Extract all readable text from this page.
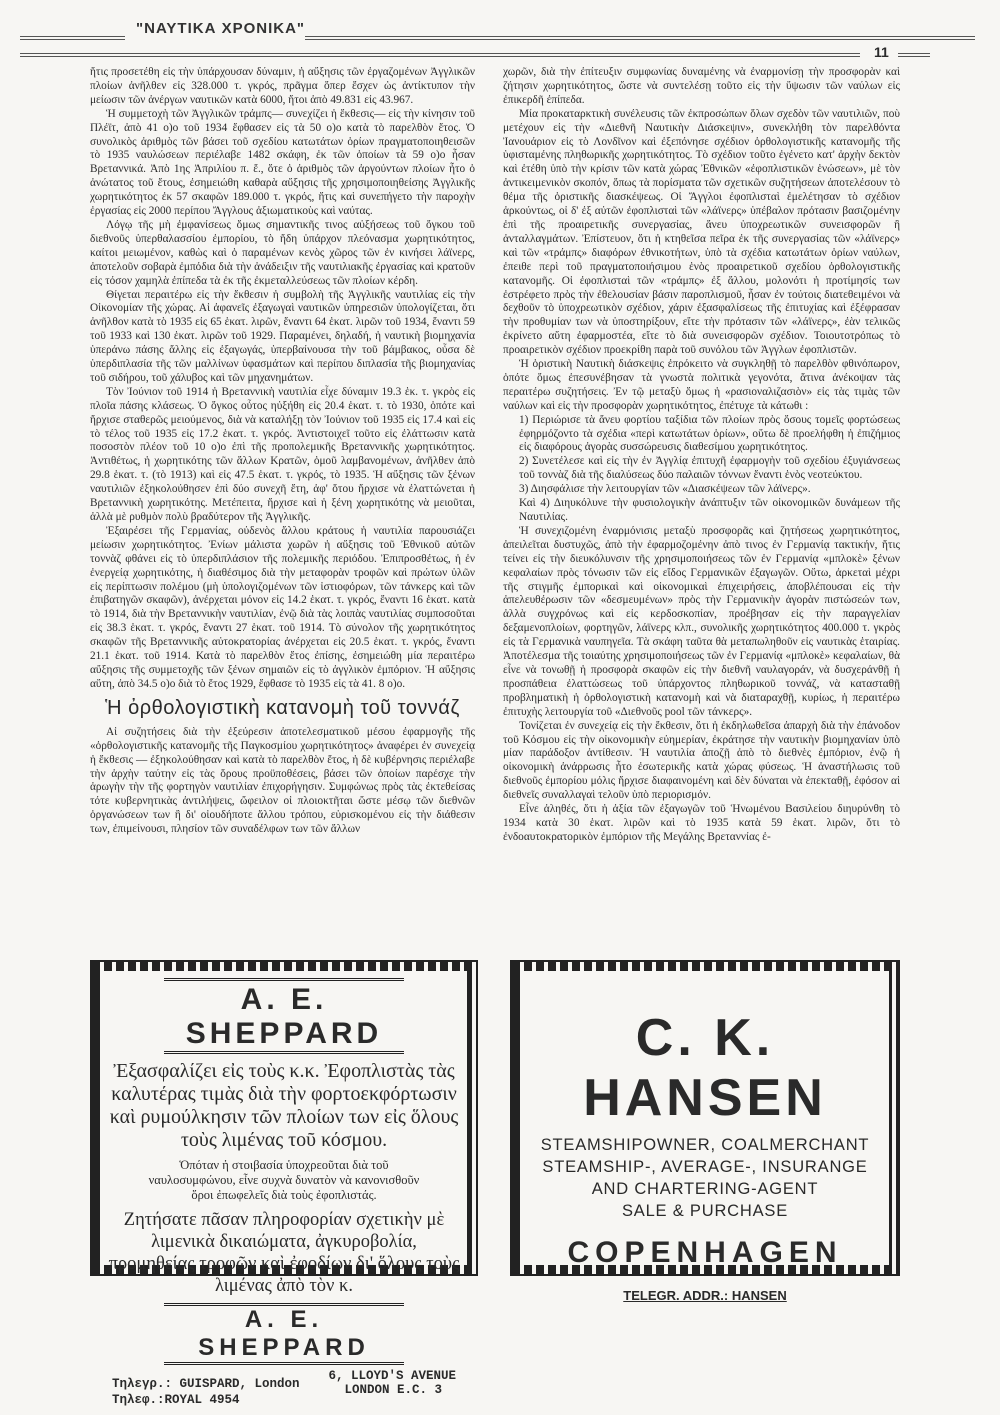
"ΝΑΥΤΙΚΑ ΧΡΟΝΙΚΑ"
11

ἥτις προσετέθη εἰς τὴν ὑπάρχουσαν δύναμιν, ἡ αὔξησις τῶν ἐργαζομένων Ἀγγλικῶν πλοίων ἀνῆλθεν εἰς 328.000 τ. γκρός, πρᾶγμα ὅπερ ἔσχεν ὡς ἀντίκτυπον τὴν μείωσιν τῶν ἀνέργων ναυτικῶν κατὰ 6000, ἤτοι ἀπὸ 49.831 εἰς 43.967.

Ἡ συμμετοχὴ τῶν Ἀγγλικῶν τράμπς— συνεχίζει ἡ ἔκθεσις— εἰς τὴν κίνησιν τοῦ Πλέϊτ, ἀπὸ 41 ο)ο τοῦ 1934 ἔφθασεν εἰς τὰ 50 ο)ο κατὰ τὸ παρελθὸν ἔτος. Ὁ συνολικὸς ἀριθμὸς τῶν βάσει τοῦ σχεδίου κατωτάτων ὁρίων πραγματοποιηθεισῶν τὸ 1935 ναυλώσεων περιέλαβε 1482 σκάφη, ἐκ τῶν ὁποίων τὰ 59 ο)ο ἦσαν Βρεταννικά. Ἀπὸ 1ης Ἀπριλίου π. ἔ., ὅτε ὁ ἀριθμὸς τῶν ἀργούντων πλοίων ἦτο ὁ ἀνώτατος τοῦ ἔτους, ἐσημειώθη καθαρὰ αὔξησις τῆς χρησιμοποιηθείσης Ἀγγλικῆς χωρητικότητος ἐκ 57 σκαφῶν 189.000 τ. γκρός, ἥτις καὶ συνεπήγετο τὴν παροχὴν ἐργασίας εἰς 2000 περίπου Ἄγγλους ἀξιωματικοὺς καὶ ναύτας.

Λόγῳ τῆς μὴ ἐμφανίσεως ὅμως σημαντικῆς τινος αὐξήσεως τοῦ ὄγκου τοῦ διεθνοῦς ὑπερθαλασσίου ἐμπορίου, τὸ ἤδη ὑπάρχον πλεόνασμα χωρητικότητος, καίτοι μειωμένον, καθὼς καὶ ὁ παραμένων κενὸς χῶρος τῶν ἐν κινήσει λάϊνερς, ἀποτελοῦν σοβαρὰ ἐμπόδια διὰ τὴν ἀνάδειξιν τῆς ναυτιλιακῆς ἐργασίας καὶ κρατοῦν εἰς τόσον χαμηλὰ ἐπίπεδα τὰ ἐκ τῆς ἐκμεταλλεύσεως τῶν πλοίων κέρδη.

Θίγεται περαιτέρω εἰς τὴν ἔκθεσιν ἡ συμβολὴ τῆς Ἀγγλικῆς ναυτιλίας εἰς τὴν Οἰκονομίαν τῆς χώρας. Αἱ ἀφανεῖς ἐξαγωγαὶ ναυτικῶν ὑπηρεσιῶν ὑπολογίζεται, ὅτι ἀνῆλθον κατὰ τὸ 1935 εἰς 65 ἑκατ. λιρῶν, ἔναντι 64 ἑκατ. λιρῶν τοῦ 1934, ἔναντι 59 τοῦ 1933 καὶ 130 ἑκατ. λιρῶν τοῦ 1929. Παραμένει, δηλαδή, ἡ ναυτικὴ βιομηχανία ὑπεράνω πάσης ἄλλης εἰς ἐξαγωγάς, ὑπερβαίνουσα τὴν τοῦ βάμβακος, οὖσα δὲ ὑπερδιπλασία τῆς τῶν μαλλίνων ὑφασμάτων καὶ περίπου διπλασία τῆς βιομηχανίας τοῦ σιδήρου, τοῦ χάλυβος καὶ τῶν μηχανημάτων.

Τὸν Ἰούνιον τοῦ 1914 ἡ Βρεταννικὴ ναυτιλία εἶχε δύναμιν 19.3 ἑκ. τ. γκρὸς εἰς πλοῖα πάσης κλάσεως. Ὁ ὄγκος οὗτος ηὐξήθη εἰς 20.4 ἑκατ. τ. τὸ 1930, ὁπότε καὶ ἤρχισε σταθερῶς μειούμενος, διὰ νὰ καταλήξῃ τὸν Ἰούνιον τοῦ 1935 εἰς 17.4 καὶ εἰς τὸ τέλος τοῦ 1935 εἰς 17.2 ἑκατ. τ. γκρός. Ἀντιστοιχεῖ τοῦτο εἰς ἐλάττωσιν κατὰ ποσοστὸν πλέον τοῦ 10 ο)ο ἐπὶ τῆς προπολεμικῆς Βρεταννικῆς χωρητικότητος. Ἀντιθέτως, ἡ χωρητικότης τῶν ἄλλων Κρατῶν, ὁμοῦ λαμβανομένων, ἀνῆλθεν ἀπὸ 29.8 ἑκατ. τ. (τὸ 1913) καὶ εἰς 47.5 ἑκατ. τ. γκρός, τὸ 1935. Ἡ αὔξησις τῶν ξένων ναυτιλιῶν ἐξηκολούθησεν ἐπὶ δύο συνεχῆ ἔτη, ἀφ' ὅτου ἤρχισε νὰ ἐλαττώνεται ἡ Βρεταννικὴ χωρητικότης. Μετέπειτα, ἤρχισε καὶ ἡ ξένη χωρητικότης νὰ μειοῦται, ἀλλὰ μὲ ρυθμὸν πολὺ βραδύτερον τῆς Ἀγγλικῆς.

Ἐξαιρέσει τῆς Γερμανίας, οὐδενὸς ἄλλου κράτους ἡ ναυτιλία παρουσιάζει μείωσιν χωρητικότητος. Ἐνίων μάλιστα χωρῶν ἡ αὔξησις τοῦ Ἐθνικοῦ αὐτῶν τοννὰζ φθάνει εἰς τὸ ὑπερδιπλάσιον τῆς πολεμικῆς περιόδου. Ἐπιπροσθέτως, ἡ ἐν ἐνεργείᾳ χωρητικότης, ἡ διαθέσιμος διὰ τὴν μεταφορὰν τροφῶν καὶ πρώτων ὑλῶν εἰς περίπτωσιν πολέμου (μὴ ὑπολογιζομένων τῶν ἱστιοφόρων, τῶν τάνκερς καὶ τῶν ἐπιβατηγῶν σκαφῶν), ἀνέρχεται μόνον εἰς 14.2 ἑκατ. τ. γκρός, ἔναντι 16 ἑκατ. κατὰ τὸ 1914, διὰ τὴν Βρεταννικὴν ναυτιλίαν, ἐνῷ διὰ τὰς λοιπὰς ναυτιλίας συμποσοῦται εἰς 38.3 ἑκατ. τ. γκρός, ἔναντι 27 ἑκατ. τοῦ 1914. Τὸ σύνολον τῆς χωρητικότητος σκαφῶν τῆς Βρεταννικῆς αὐτοκρατορίας ἀνέρχεται εἰς 20.5 ἑκατ. τ. γκρός, ἔναντι 21.1 ἑκατ. τοῦ 1914. Κατὰ τὸ παρελθὸν ἔτος ἐπίσης, ἐσημειώθη μία περαιτέρω αὔξησις τῆς συμμετοχῆς τῶν ξένων σημαιῶν εἰς τὸ ἀγγλικὸν ἐμπόριον. Ἡ αὔξησις αὕτη, ἀπὸ 34.5 ο)ο διὰ τὸ ἔτος 1929, ἔφθασε τὸ 1935 εἰς τὰ 41. 8 ο)ο.

Ἡ ὀρθολογιστικὴ κατανομὴ τοῦ τοννάζ

Αἱ συζητήσεις διὰ τὴν ἐξεύρεσιν ἀποτελεσματικοῦ μέσου ἐφαρμογῆς τῆς «ὀρθολογιστικῆς κατανομῆς τῆς Παγκοσμίου χωρητικότητος» ἀναφέρει ἐν συνεχείᾳ ἡ ἔκθεσις — ἐξηκολούθησαν καὶ κατὰ τὸ παρελθὸν ἔτος, ἡ δὲ κυβέρνησις περιέλαβε τὴν ἀρχὴν ταύτην εἰς τὰς ὅρους προϋποθέσεις, βάσει τῶν ὁποίων παρέσχε τὴν ἀρωγὴν τὴν τῆς φορτηγὸν ναυτιλίαν ἐπιχορήγησιν. Συμφώνως πρὸς τὰς ἐκτεθείσας τότε κυβερνητικὰς ἀντιλήψεις, ὤφειλον οἱ πλοιοκτῆται ὥστε μέσῳ τῶν διεθνῶν ὀργανώσεων των ἢ δι' οἱουδήποτε ἄλλου τρόπου, εὑρισκομένου εἰς τὴν διάθεσιν των, ἐπιμείνουσι, πλησίον τῶν συναδέλφων των τῶν ἄλλων

χωρῶν, διὰ τὴν ἐπίτευξιν συμφωνίας δυναμένης νὰ ἐναρμονίσῃ τὴν προσφορὰν καὶ ζήτησιν χωρητικότητος, ὥστε νὰ συντελέσῃ τοῦτο εἰς τὴν ὕψωσιν τῶν ναύλων εἰς ἐπικερδῆ ἐπίπεδα.

Μία προκαταρκτικὴ συνέλευσις τῶν ἐκπροσώπων ὅλων σχεδὸν τῶν ναυτιλιῶν, ποὺ μετέχουν εἰς τὴν «Διεθνῆ Ναυτικὴν Διάσκεψιν», συνεκλήθη τὸν παρελθόντα Ἰανουάριον εἰς τὸ Λονδῖνον καὶ ἐξεπόνησε σχέδιον ὀρθολογιστικῆς κατανομῆς τῆς ὑφισταμένης πληθωρικῆς χωρητικότητος. Τὸ σχέδιον τοῦτο ἐγένετο κατ' ἀρχὴν δεκτὸν καὶ ἐτέθη ὑπὸ τὴν κρίσιν τῶν κατὰ χώρας Ἐθνικῶν «ἐφοπλιστικῶν ἑνώσεων», μὲ τὸν ἀντικειμενικὸν σκοπόν, ὅπως τὰ πορίσματα τῶν σχετικῶν συζητήσεων ἀποτελέσουν τὸ θέμα τῆς ὁριστικῆς διασκέψεως. Οἱ Ἄγγλοι ἐφοπλισταὶ ἐμελέτησαν τὸ σχέδιον ἀρκούντως, οἱ δ' ἐξ αὐτῶν ἐφοπλισταὶ τῶν «λάϊνερς» ὑπέβαλον πρότασιν βασιζομένην ἐπὶ τῆς προαιρετικῆς συνεργασίας, ἄνευ ὑποχρεωτικῶν συνεισφορῶν ἢ ἀνταλλαγμάτων. Ἐπίστευον, ὅτι ἡ κτηθεῖσα πεῖρα ἐκ τῆς συνεργασίας τῶν «λάϊνερς» καὶ τῶν «τράμπς» διαφόρων ἐθνικοτήτων, ὑπὸ τὰ σχέδια κατωτάτων ὁρίων ναύλων, ἐπειθε περὶ τοῦ πραγματοποιήσιμου ἑνὸς προαιρετικοῦ σχεδίου ὀρθολογιστικῆς κατανομῆς. Οἱ ἐφοπλισταὶ τῶν «τράμπς» ἐξ ἄλλου, μολονότι ἡ προτίμησίς των ἐστρέφετο πρὸς τὴν ἐθελουσίαν βάσιν παροπλισμοῦ, ἦσαν ἐν τούτοις διατεθειμένοι νὰ δεχθοῦν τὸ ὑποχρεωτικὸν σχέδιον, χάριν ἐξασφαλίσεως τῆς ἐπιτυχίας καὶ ἐξέφρασαν τὴν προθυμίαν των νὰ ὑποστηρίξουν, εἴτε τὴν πρότασιν τῶν «λάϊνερς», ἐὰν τελικῶς ἐκρίνετο αὕτη ἐφαρμοστέα, εἴτε τὸ διὰ συνεισφορῶν σχέδιον. Τοιουτοτρόπως τὸ προαιρετικὸν σχέδιον προεκρίθη παρὰ τοῦ συνόλου τῶν Ἀγγλων ἐφοπλιστῶν.

Ἡ ὁριστικὴ Ναυτικὴ διάσκεψις ἐπρόκειτο νὰ συγκληθῇ τὸ παρελθὸν φθινόπωρον, ὁπότε ὅμως ἐπεσυνέβησαν τὰ γνωστὰ πολιτικὰ γεγονότα, ἅτινα ἀνέκοψαν τὰς περαιτέρω συζητήσεις. Ἐν τῷ μεταξὺ ὅμως ἡ «ρασιοναλιζασιὸν» εἰς τὰς τιμὰς τῶν ναύλων καὶ εἰς τὴν προσφορὰν χωρητικότητος, ἐπέτυχε τὰ κάτωθι :

1) Περιώρισε τὰ ἄνευ φορτίου ταξίδια τῶν πλοίων πρὸς ὅσους τομεῖς φορτώσεως ἐφηρμόζοντο τὰ σχέδια «περὶ κατωτάτων ὁρίων», οὕτω δὲ προελήφθη ἡ ἐπιζήμιος εἰς διαφόρους ἀγορὰς συσσώρευσις διαθεσίμου χωρητικότητος.

2) Συνετέλεσε καὶ εἰς τὴν ἐν Ἀγγλίᾳ ἐπιτυχῆ ἐφαρμογὴν τοῦ σχεδίου ἐξυγιάνσεως τοῦ τοννὰζ διὰ τῆς διαλύσεως δύο παλαιῶν τόννων ἔναντι ἑνὸς νεοτεύκτου.

3) Διησφάλισε τὴν λειτουργίαν τῶν «Διασκέψεων τῶν λάϊνερς».

Καὶ 4) Διηυκόλυνε τὴν φυσιολογικὴν ἀνάπτυξιν τῶν οἰκονομικῶν δυνάμεων τῆς Ναυτιλίας.

Ἡ συνεχιζομένη ἐναρμόνισις μεταξὺ προσφορᾶς καὶ ζητήσεως χωρητικότητος, ἀπειλεῖται δυστυχῶς, ἀπὸ τὴν ἐφαρμοζομένην ἀπὸ τινος ἐν Γερμανίᾳ τακτικήν, ἥτις τείνει εἰς τὴν διευκόλυνσιν τῆς χρησιμοποιήσεως τῶν ἐν Γερμανίᾳ «μπλοκὲ» ξένων κεφαλαίων πρὸς τόνωσιν τῶν εἰς εἴδος Γερμανικῶν ἐξαγωγῶν. Οὕτω, ἀρκεταὶ μέχρι τῆς στιγμῆς ἐμπορικαὶ καὶ οἰκονομικαὶ ἐπιχειρήσεις, ἀποβλέπουσαι εἰς τὴν ἀπελευθέρωσιν τῶν «δεσμευμένων» πρὸς τὴν Γερμανικὴν ἀγορὰν πιστώσεών των, ἀλλὰ συγχρόνως καὶ εἰς κερδοσκοπίαν, προέβησαν εἰς τὴν παραγγελίαν δεξαμενοπλοίων, φορτηγῶν, λάϊνερς κλπ., συνολικῆς χωρητικότητος 400.000 τ. γκρὸς εἰς τὰ Γερμανικὰ ναυπηγεῖα. Τὰ σκάφη ταῦτα θὰ μεταπωληθοῦν εἰς ναυτικὰς ἑταιρίας. Ἀποτέλεσμα τῆς τοιαύτης χρησιμοποιήσεως τῶν ἐν Γερμανίᾳ «μπλοκὲ» κεφαλαίων, θὰ εἶνε νὰ τονωθῇ ἡ προσφορὰ σκαφῶν εἰς τὴν διεθνῆ ναυλαγοράν, νὰ δυσχεράνθῇ ἡ προσπάθεια ἐλαττώσεως τοῦ ὑπάρχοντος πληθωρικοῦ τοννάζ, νὰ κατασταθῇ προβληματικὴ ἡ ὀρθολογιστικὴ κατανομὴ καὶ νὰ διαταραχθῇ, κυρίως, ἡ περαιτέρω ἐπιτυχὴς λειτουργία τοῦ «Διεθνοῦς pool τῶν τάνκερς».

Τονίζεται ἐν συνεχείᾳ εἰς τὴν ἔκθεσιν, ὅτι ἡ ἐκδηλωθεῖσα ἀπαρχὴ διὰ τὴν ἐπάνοδον τοῦ Κόσμου εἰς τὴν οἰκονομικὴν εὐημερίαν, ἐκράτησε τὴν ναυτικὴν βιομηχανίαν ὑπὸ μίαν παράδοξον ἀντίθεσιν. Ἡ ναυτιλία ἀποζῇ ἀπὸ τὸ διεθνὲς ἐμπόριον, ἐνῷ ἡ οἰκονομικὴ ἀνάρρωσις ἦτο ἐσωτερικῆς κατὰ χώρας φύσεως. Ἡ ἀναστήλωσις τοῦ διεθνοῦς ἐμπορίου μόλις ἤρχισε διαφαινομένη καὶ δὲν δύναται νὰ ἐπεκταθῇ, ἐφόσον αἱ διεθνεῖς συναλλαγαὶ τελοῦν ὑπὸ περιορισμόν.

Εἶνε ἀληθές, ὅτι ἡ ἀξία τῶν ἐξαγωγῶν τοῦ Ἡνωμένου Βασιλείου διηυρύνθη τὸ 1934 κατὰ 30 ἑκατ. λιρῶν καὶ τὸ 1935 κατὰ 59 ἑκατ. λιρῶν, ὅτι τὸ ἐνδοαυτοκρατορικὸν ἐμπόριον τῆς Μεγάλης Βρεταννίας ἐ-

A. E. SHEPPARD
Ἐξασφαλίζει εἰς τοὺς κ.κ. Ἐφοπλιστὰς τὰς καλυτέρας τιμὰς διὰ τὴν φορτοεκφόρτωσιν καὶ ρυμούλκησιν τῶν πλοίων των εἰς ὅλους τοὺς λιμένας τοῦ κόσμου.
Ὁπόταν ἡ στοιβασία ὑποχρεοῦται διὰ τοῦ ναυλοσυμφώνου, εἶνε συχνὰ δυνατὸν νὰ κανονισθοῦν ὅροι ἐπωφελεῖς διὰ τοὺς ἐφοπλιστάς.
Ζητήσατε πᾶσαν πληροφορίαν σχετικὴν μὲ λιμενικὰ δικαιώματα, ἀγκυροβολία, προμηθείας τροφῶν καὶ ἐφοδίων δι' ὅλους τοὺς λιμένας ἀπὸ τὸν κ.
A. E. SHEPPARD
Τηλεγρ.: GUISPARD, London
Τηλεφ.:ROYAL 4954
6, LLOYD'S AVENUE
LONDON E.C. 3
C. K. HANSEN
STEAMSHIPOWNER, COALMERCHANT
STEAMSHIP-, AVERAGE-, INSURANGE
AND CHARTERING-AGENT
SALE & PURCHASE
COPENHAGEN
TELEGR. ADDR.: HANSEN
